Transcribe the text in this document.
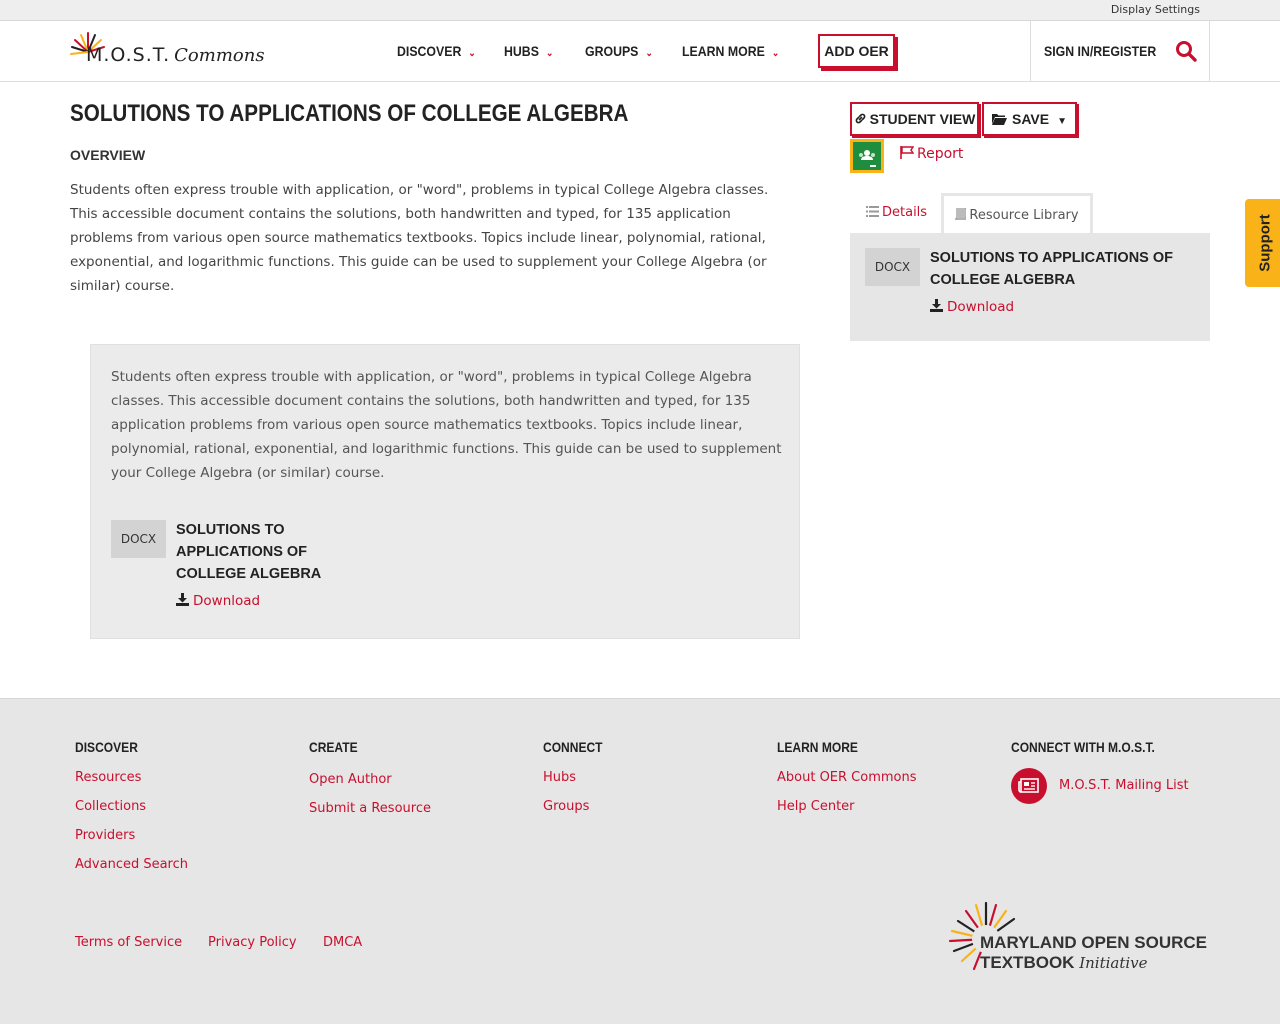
Display Settings
M.O.S.T. Commons	DISCOVER ⌄ HUBS ⌄ GROUPS ⌄ LEARN MORE ⌄	ADD OER	SIGN IN/REGISTER
SOLUTIONS TO APPLICATIONS OF COLLEGE ALGEBRA
OVERVIEW

Students often express trouble with application, or "word", problems in typical College Algebra classes. This accessible document contains the solutions, both handwritten and typed, for 135 application problems from various open source mathematics textbooks. Topics include linear, polynomial, rational, exponential, and logarithmic functions. This guide can be used to supplement your College Algebra (or similar) course.

Students often express trouble with application, or "word", problems in typical College Algebra classes. This accessible document contains the solutions, both handwritten and typed, for 135 application problems from various open source mathematics textbooks. Topics include linear, polynomial, rational, exponential, and logarithmic functions. This guide can be used to supplement your College Algebra (or similar) course.

DOCX
SOLUTIONS TO
APPLICATIONS OF
COLLEGE ALGEBRA
Download
STUDENT VIEW	SAVE ▼
Report
Details	Resource Library
DOCX
SOLUTIONS TO APPLICATIONS OF
COLLEGE ALGEBRA
Download
Support
DISCOVER
Resources
Collections
Providers
Advanced Search
CREATE
Open Author
Submit a Resource
CONNECT
Hubs
Groups
LEARN MORE
About OER Commons
Help Center
CONNECT WITH M.O.S.T.
M.O.S.T. Mailing List
Terms of Service Privacy Policy DMCA	MARYLAND OPEN SOURCE
TEXTBOOK Initiative
